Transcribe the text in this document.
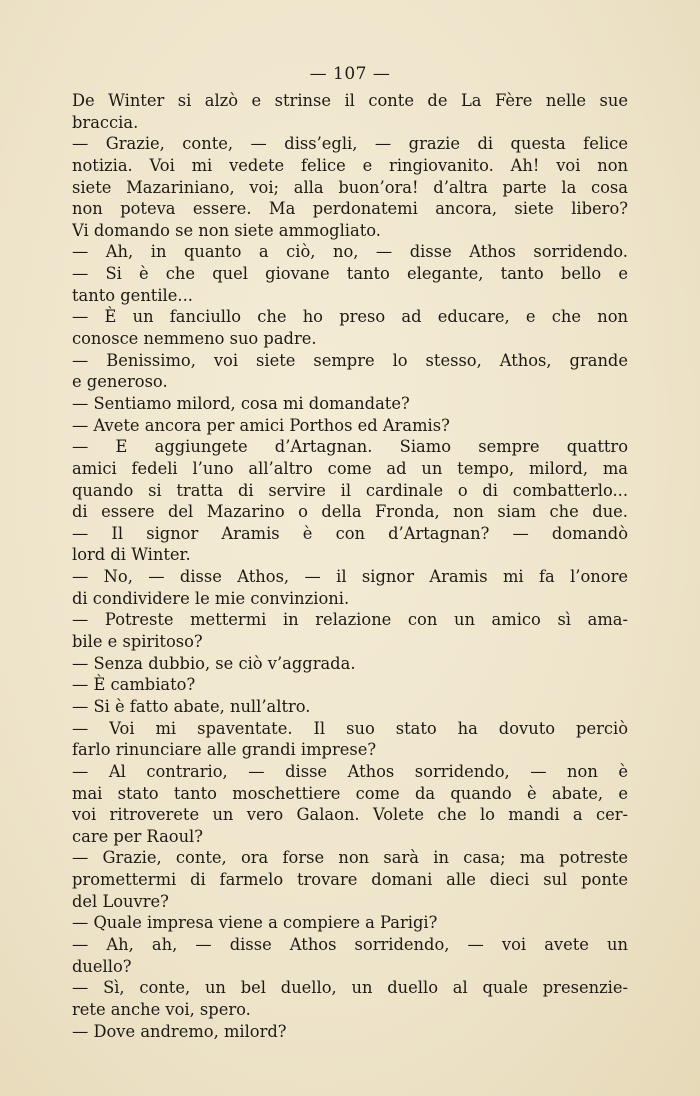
— 107 —
De Winter si alzò e strinse il conte de La Fère nelle sue
braccia.
— Grazie, conte, — diss’egli, — grazie di questa felice
notizia. Voi mi vedete felice e ringiovanito. Ah! voi non
siete Mazariniano, voi; alla buon’ora! d’altra parte la cosa
non poteva essere. Ma perdonatemi ancora, siete libero?
Vi domando se non siete ammogliato.
— Ah, in quanto a ciò, no, — disse Athos sorridendo.
— Si è che quel giovane tanto elegante, tanto bello e
tanto gentile...
— È un fanciullo che ho preso ad educare, e che non
conosce nemmeno suo padre.
— Benissimo, voi siete sempre lo stesso, Athos, grande
e generoso.
— Sentiamo milord, cosa mi domandate?
— Avete ancora per amici Porthos ed Aramis?
— E aggiungete d’Artagnan. Siamo sempre quattro
amici fedeli l’uno all’altro come ad un tempo, milord, ma
quando si tratta di servire il cardinale o di combatterlo...
di essere del Mazarino o della Fronda, non siam che due.
— Il signor Aramis è con d’Artagnan? — domandò
lord di Winter.
— No, — disse Athos, — il signor Aramis mi fa l’onore
di condividere le mie convinzioni.
— Potreste mettermi in relazione con un amico sì ama-
bile e spiritoso?
— Senza dubbio, se ciò v’aggrada.
— È cambiato?
— Si è fatto abate, null’altro.
— Voi mi spaventate. Il suo stato ha dovuto perciò
farlo rinunciare alle grandi imprese?
— Al contrario, — disse Athos sorridendo, — non è
mai stato tanto moschettiere come da quando è abate, e
voi ritroverete un vero Galaon. Volete che lo mandi a cer-
care per Raoul?
— Grazie, conte, ora forse non sarà in casa; ma potreste
promettermi di farmelo trovare domani alle dieci sul ponte
del Louvre?
— Quale impresa viene a compiere a Parigi?
— Ah, ah, — disse Athos sorridendo, — voi avete un
duello?
— Sì, conte, un bel duello, un duello al quale presenzie-
rete anche voi, spero.
— Dove andremo, milord?
